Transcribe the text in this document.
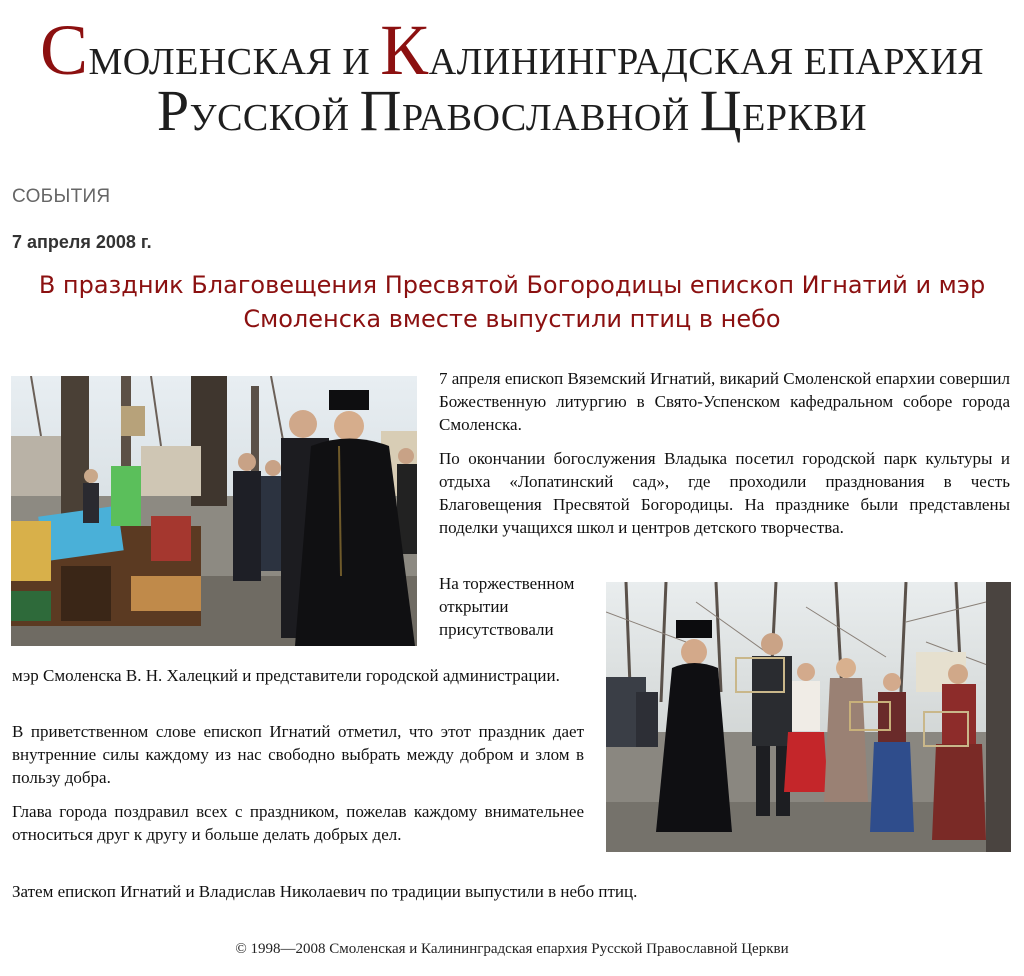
СМОЛЕНСКАЯ И КАЛИНИНГРАДСКАЯ ЕПАРХИЯ
РУССКОЙ ПРАВОСЛАВНОЙ ЦЕРКВИ
СОБЫТИЯ
7 апреля 2008 г.
В праздник Благовещения Пресвятой Богородицы епископ Игнатий и мэр
Смоленска вместе выпустили птиц в небо

7 апреля епископ Вяземский Игнатий, викарий Смоленской епархии совершил Божественную литургию в Свято-Успенском кафедральном соборе города Смоленска.

По окончании богослужения Владыка посетил городской парк культуры и отдыха «Лопатинский сад», где проходили празднования в честь Благовещения Пресвятой Богородицы. На празднике были представлены поделки учащихся школ и центров детского творчества.

На торжественном открытии присутствовали

мэр Смоленска В. Н. Халецкий и представители городской администрации.

В приветственном слове епископ Игнатий отметил, что этот праздник дает внутренние силы каждому из нас свободно выбрать между добром и злом в пользу добра.

Глава города поздравил всех с праздником, пожелав каждому внимательнее относиться друг к другу и больше делать добрых дел.

Затем епископ Игнатий и Владислав Николаевич по традиции выпустили в небо птиц.

© 1998—2008 Смоленская и Калининградская епархия Русской Православной Церкви
